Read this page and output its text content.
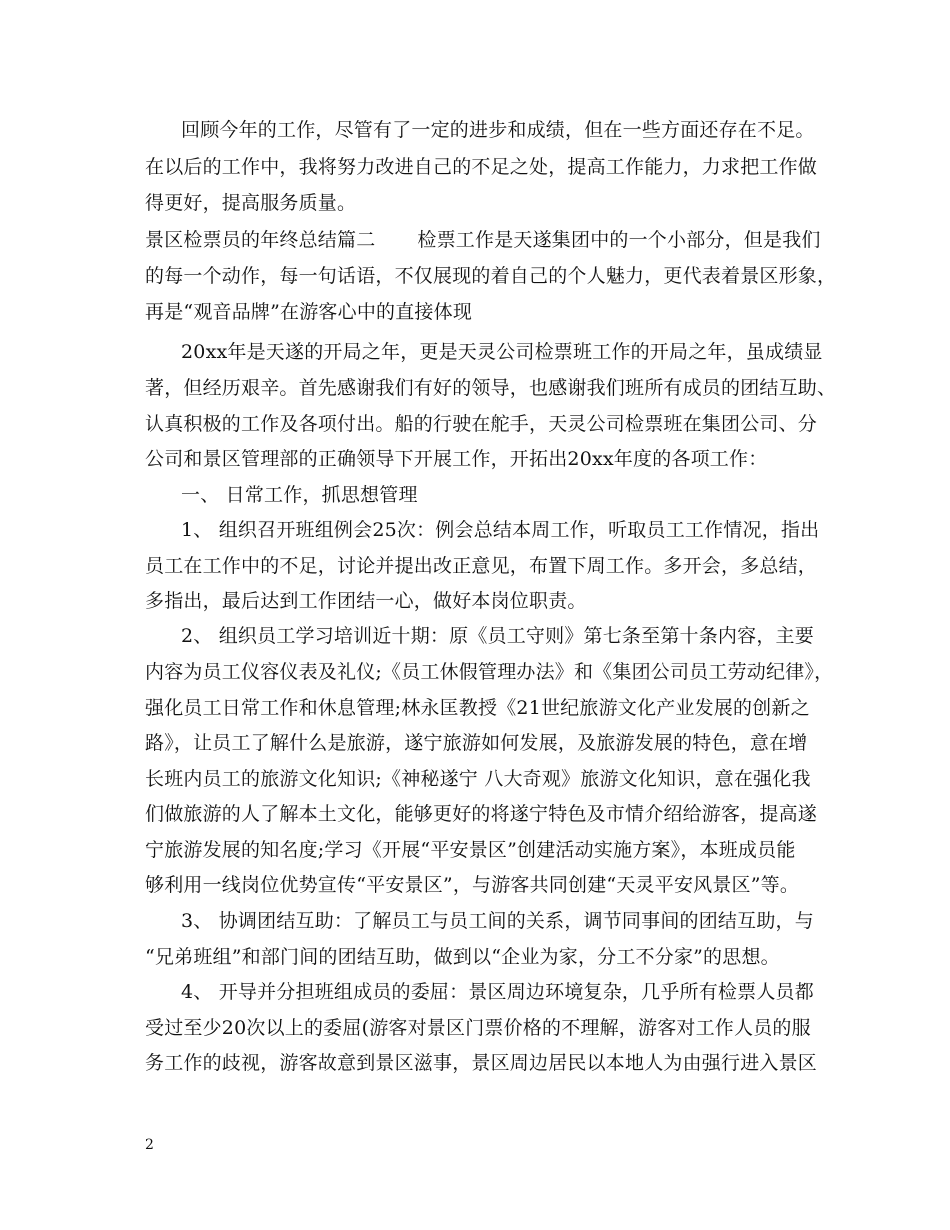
回顾今年的工作，尽管有了一定的进步和成绩，但在一些方面还存在不足。
在以后的工作中，我将努力改进自己的不足之处，提高工作能力，力求把工作做
得更好，提高服务质量。
景区检票员的年终总结篇二 检票工作是天遂集团中的一个小部分，但是我们
的每一个动作，每一句话语，不仅展现的着自己的个人魅力，更代表着景区形象，
再是“观音品牌”在游客心中的直接体现
20xx年是天遂的开局之年，更是天灵公司检票班工作的开局之年，虽成绩显
著，但经历艰辛。首先感谢我们有好的领导，也感谢我们班所有成员的团结互助、
认真积极的工作及各项付出。船的行驶在舵手，天灵公司检票班在集团公司、分
公司和景区管理部的正确领导下开展工作，开拓出20xx年度的各项工作：
一、 日常工作，抓思想管理
1、 组织召开班组例会25次：例会总结本周工作，听取员工工作情况，指出
员工在工作中的不足，讨论并提出改正意见，布置下周工作。多开会，多总结，
多指出，最后达到工作团结一心，做好本岗位职责。
2、 组织员工学习培训近十期：原《员工守则》第七条至第十条内容，主要
内容为员工仪容仪表及礼仪;《员工休假管理办法》和《集团公司员工劳动纪律》，
强化员工日常工作和休息管理;林永匡教授《21世纪旅游文化产业发展的创新之
路》，让员工了解什么是旅游，遂宁旅游如何发展，及旅游发展的特色，意在增
长班内员工的旅游文化知识;《神秘遂宁 八大奇观》旅游文化知识，意在强化我
们做旅游的人了解本土文化，能够更好的将遂宁特色及市情介绍给游客，提高遂
宁旅游发展的知名度;学习《开展“平安景区”创建活动实施方案》，本班成员能
够利用一线岗位优势宣传“平安景区”，与游客共同创建“天灵平安风景区”等。
3、 协调团结互助：了解员工与员工间的关系，调节同事间的团结互助，与
“兄弟班组”和部门间的团结互助，做到以“企业为家，分工不分家”的思想。
4、 开导并分担班组成员的委屈：景区周边环境复杂，几乎所有检票人员都
受过至少20次以上的委屈(游客对景区门票价格的不理解，游客对工作人员的服
务工作的歧视，游客故意到景区滋事，景区周边居民以本地人为由强行进入景区
2
